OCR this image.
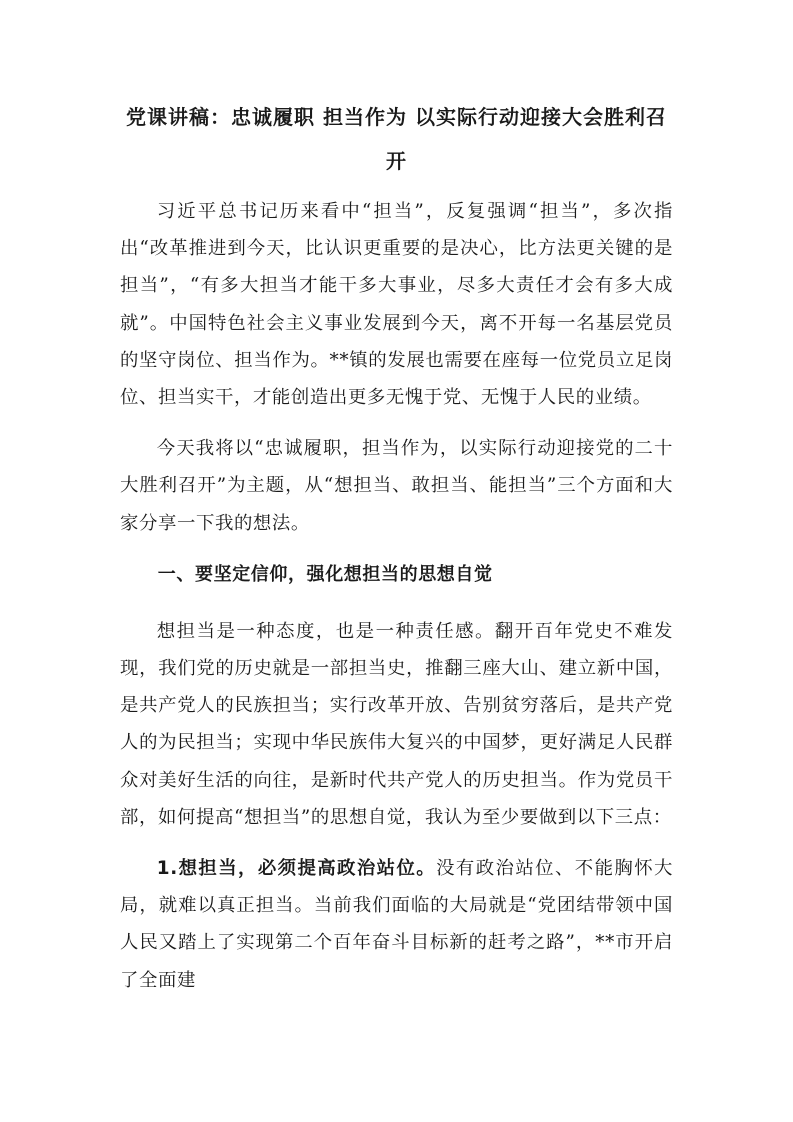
党课讲稿：忠诚履职 担当作为 以实际行动迎接大会胜利召开

习近平总书记历来看中“担当”，反复强调“担当”，多次指出“改革推进到今天，比认识更重要的是决心，比方法更关键的是担当”，“有多大担当才能干多大事业，尽多大责任才会有多大成就”。中国特色社会主义事业发展到今天，离不开每一名基层党员的坚守岗位、担当作为。**镇的发展也需要在座每一位党员立足岗位、担当实干，才能创造出更多无愧于党、无愧于人民的业绩。

今天我将以“忠诚履职，担当作为，以实际行动迎接党的二十大胜利召开”为主题，从“想担当、敢担当、能担当”三个方面和大家分享一下我的想法。

一、要坚定信仰，强化想担当的思想自觉

想担当是一种态度，也是一种责任感。翻开百年党史不难发现，我们党的历史就是一部担当史，推翻三座大山、建立新中国，是共产党人的民族担当；实行改革开放、告别贫穷落后，是共产党人的为民担当；实现中华民族伟大复兴的中国梦，更好满足人民群众对美好生活的向往，是新时代共产党人的历史担当。作为党员干部，如何提高“想担当”的思想自觉，我认为至少要做到以下三点：

1.想担当，必须提高政治站位。没有政治站位、不能胸怀大局，就难以真正担当。当前我们面临的大局就是“党团结带领中国人民又踏上了实现第二个百年奋斗目标新的赶考之路”，**市开启了全面建
